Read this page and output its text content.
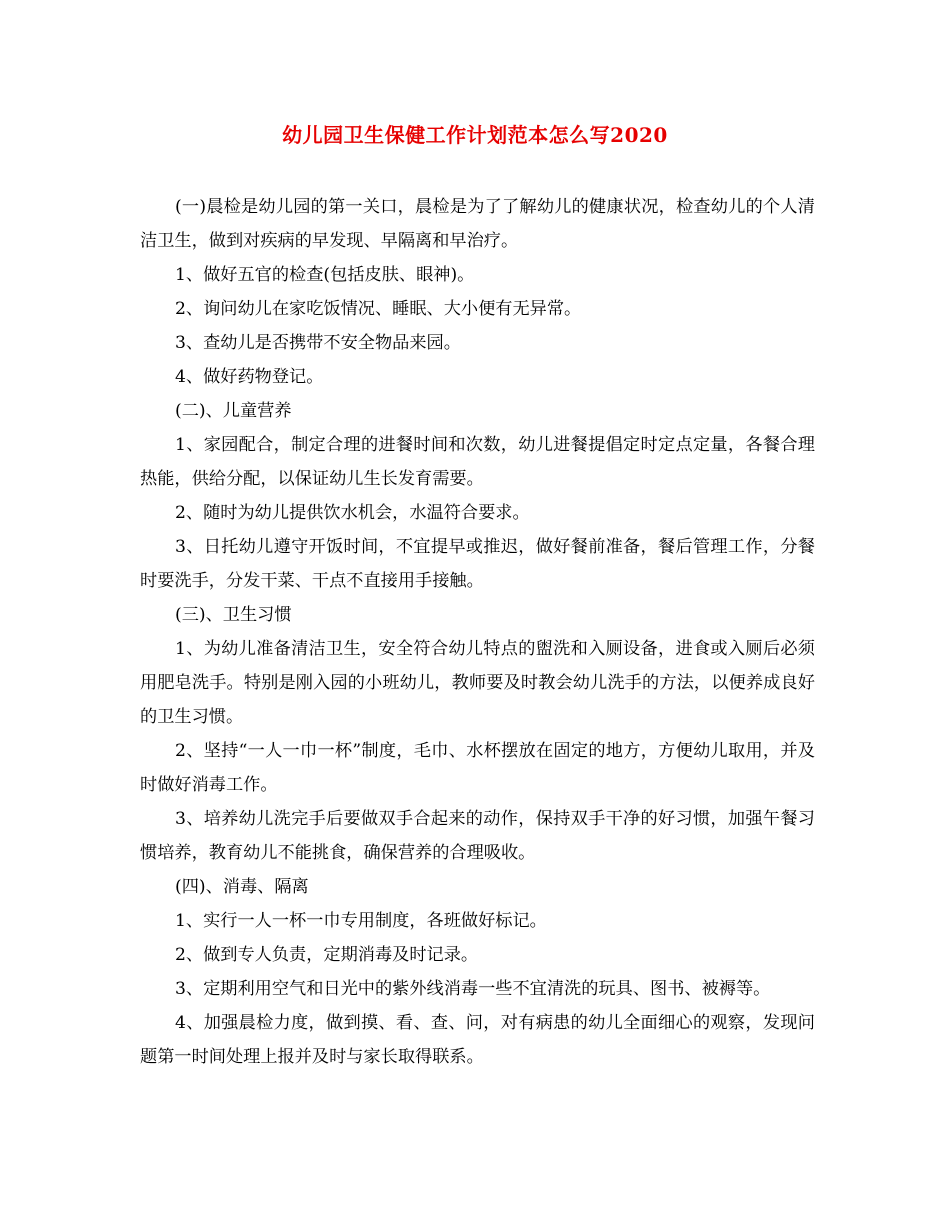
幼儿园卫生保健工作计划范本怎么写2020

(一)晨检是幼儿园的第一关口，晨检是为了了解幼儿的健康状况，检查幼儿的个人清洁卫生，做到对疾病的早发现、早隔离和早治疗。

1、做好五官的检查(包括皮肤、眼神)。

2、询问幼儿在家吃饭情况、睡眠、大小便有无异常。

3、查幼儿是否携带不安全物品来园。

4、做好药物登记。

(二)、儿童营养

1、家园配合，制定合理的进餐时间和次数，幼儿进餐提倡定时定点定量，各餐合理热能，供给分配，以保证幼儿生长发育需要。

2、随时为幼儿提供饮水机会，水温符合要求。

3、日托幼儿遵守开饭时间，不宜提早或推迟，做好餐前准备，餐后管理工作，分餐时要洗手，分发干菜、干点不直接用手接触。

(三)、卫生习惯

1、为幼儿准备清洁卫生，安全符合幼儿特点的盥洗和入厕设备，进食或入厕后必须用肥皂洗手。特别是刚入园的小班幼儿，教师要及时教会幼儿洗手的方法，以便养成良好的卫生习惯。

2、坚持“一人一巾一杯”制度，毛巾、水杯摆放在固定的地方，方便幼儿取用，并及时做好消毒工作。

3、培养幼儿洗完手后要做双手合起来的动作，保持双手干净的好习惯，加强午餐习惯培养，教育幼儿不能挑食，确保营养的合理吸收。

(四)、消毒、隔离

1、实行一人一杯一巾专用制度，各班做好标记。

2、做到专人负责，定期消毒及时记录。

3、定期利用空气和日光中的紫外线消毒一些不宜清洗的玩具、图书、被褥等。

4、加强晨检力度，做到摸、看、查、问，对有病患的幼儿全面细心的观察，发现问题第一时间处理上报并及时与家长取得联系。
